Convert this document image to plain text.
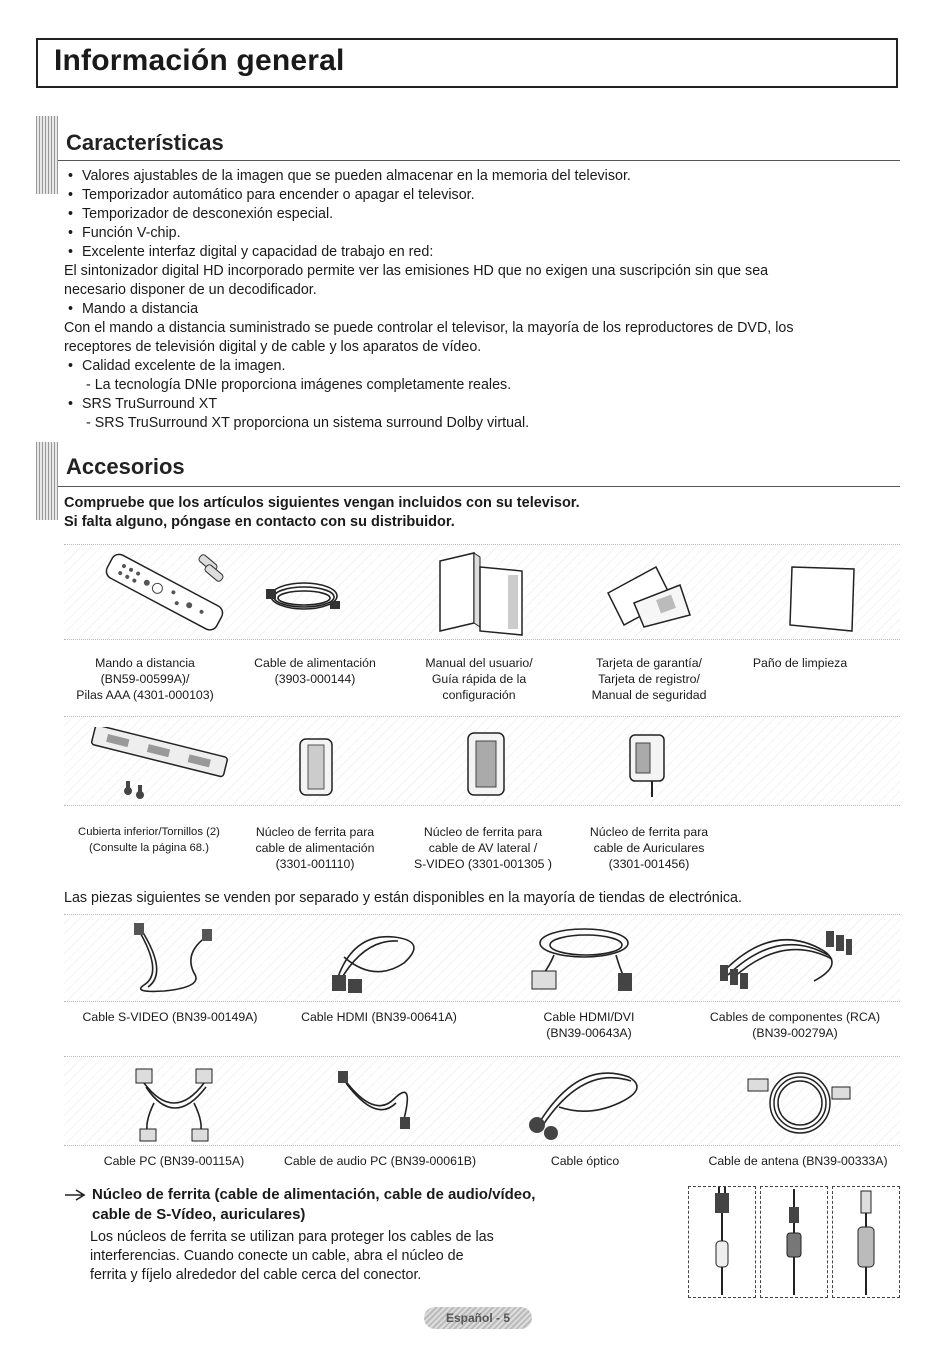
Información general
Características
• Valores ajustables de la imagen que se pueden almacenar en la memoria del televisor.
• Temporizador automático para encender o apagar el televisor.
• Temporizador de desconexión especial.
• Función V-chip.
• Excelente interfaz digital y capacidad de trabajo en red:
El sintonizador digital HD incorporado permite ver las emisiones HD que no exigen una suscripción sin que sea
necesario disponer de un decodificador.
• Mando a distancia
Con el mando a distancia suministrado se puede controlar el televisor, la mayoría de los reproductores de DVD, los
receptores de televisión digital y de cable y los aparatos de vídeo.
• Calidad excelente de la imagen.
- La tecnología DNIe proporciona imágenes completamente reales.
• SRS TruSurround XT
- SRS TruSurround XT proporciona un sistema surround Dolby virtual.
Accesorios
Compruebe que los artículos siguientes vengan incluidos con su televisor.
Si falta alguno, póngase en contacto con su distribuidor.
Mando a distancia
(BN59-00599A)/
Pilas AAA (4301-000103)
Cable de alimentación
(3903-000144)
Manual del usuario/
Guía rápida de la
configuración
Tarjeta de garantía/
Tarjeta de registro/
Manual de seguridad
Paño de limpieza
Cubierta inferior/Tornillos (2)
(Consulte la página 68.)
Núcleo de ferrita para
cable de alimentación
(3301-001110)
Núcleo de ferrita para
cable de AV lateral /
S-VIDEO (3301-001305 )
Núcleo de ferrita para
cable de Auriculares
(3301-001456)
Las piezas siguientes se venden por separado y están disponibles en la mayoría de tiendas de electrónica.
Cable S-VIDEO (BN39-00149A)	Cable HDMI (BN39-00641A)	Cable HDMI/DVI
(BN39-00643A)
Cables de componentes (RCA)
(BN39-00279A)
Cable PC (BN39-00115A)	Cable de audio PC (BN39-00061B)	Cable óptico	Cable de antena (BN39-00333A)
Núcleo de ferrita (cable de alimentación, cable de audio/vídeo,
cable de S-Vídeo, auriculares)
Los núcleos de ferrita se utilizan para proteger los cables de las
interferencias. Cuando conecte un cable, abra el núcleo de
ferrita y fíjelo alrededor del cable cerca del conector.
Español - 5
